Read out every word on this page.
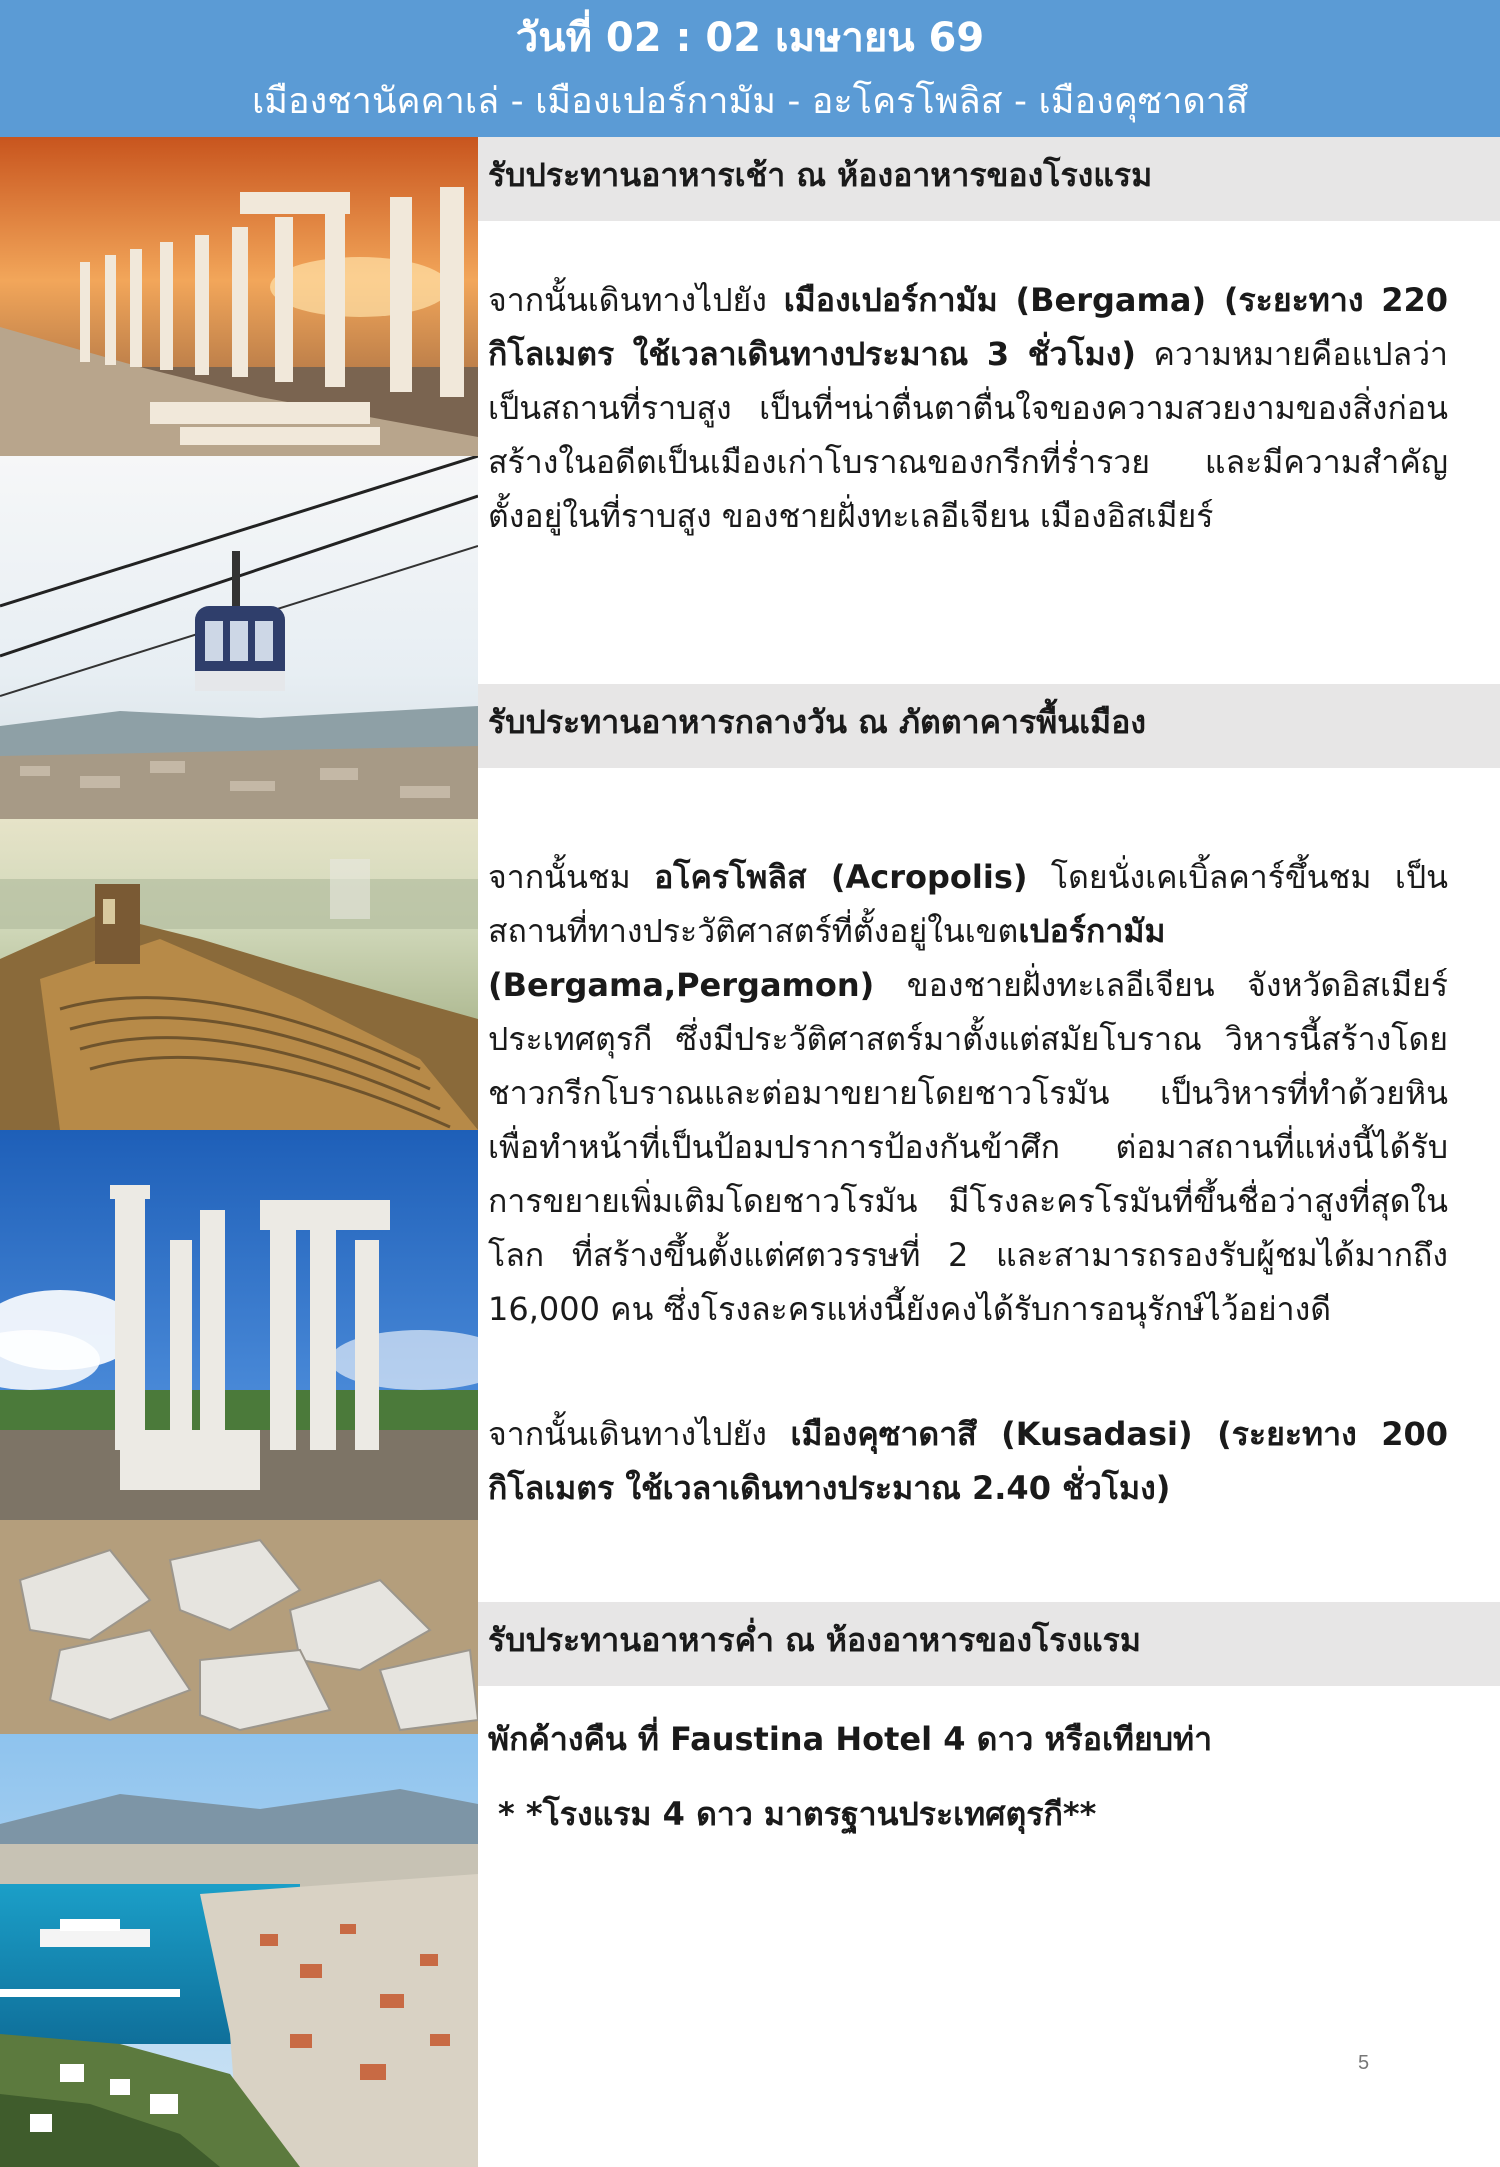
วันที่ 02 : 02 เมษายน 69
เมืองชานัคคาเล่ - เมืองเปอร์กามัม - อะโครโพลิส - เมืองคุซาดาสึ
รับประทานอาหารเช้า ณ ห้องอาหารของโรงแรม
จากนั้นเดินทางไปยัง เมืองเปอร์กามัม (Bergama) (ระยะทาง 220 กิโลเมตร ใช้เวลาเดินทางประมาณ 3 ชั่วโมง) ความหมายคือแปลว่าเป็นสถานที่ราบสูง เป็นที่ฯน่าตื่นตาตื่นใจของความสวยงามของสิ่งก่อนสร้างในอดีตเป็นเมืองเก่าโบราณของกรีกที่ร่ำรวย และมีความสำคัญ ตั้งอยู่ในที่ราบสูง ของชายฝั่งทะเลอีเจียน เมืองอิสเมียร์
รับประทานอาหารกลางวัน ณ ภัตตาคารพื้นเมือง
จากนั้นชม อโครโพลิส (Acropolis) โดยนั่งเคเบิ้ลคาร์ขึ้นชม เป็นสถานที่ทางประวัติศาสตร์ที่ตั้งอยู่ในเขตเปอร์กามัม (Bergama,Pergamon) ของชายฝั่งทะเลอีเจียน จังหวัดอิสเมียร์ ประเทศตุรกี ซึ่งมีประวัติศาสตร์มาตั้งแต่สมัยโบราณ วิหารนี้สร้างโดยชาวกรีกโบราณและต่อมาขยายโดยชาวโรมัน เป็นวิหารที่ทำด้วยหินเพื่อทำหน้าที่เป็นป้อมปราการป้องกันข้าศึก ต่อมาสถานที่แห่งนี้ได้รับการขยายเพิ่มเติมโดยชาวโรมัน มีโรงละครโรมันที่ขึ้นชื่อว่าสูงที่สุดในโลก ที่สร้างขึ้นตั้งแต่ศตวรรษที่ 2 และสามารถรองรับผู้ชมได้มากถึง 16,000 คน ซึ่งโรงละครแห่งนี้ยังคงได้รับการอนุรักษ์ไว้อย่างดี
จากนั้นเดินทางไปยัง เมืองคุซาดาสึ (Kusadasi) (ระยะทาง 200 กิโลเมตร ใช้เวลาเดินทางประมาณ 2.40 ชั่วโมง)
รับประทานอาหารค่ำ ณ ห้องอาหารของโรงแรม
พักค้างคืน ที่ Faustina Hotel 4 ดาว หรือเทียบท่า
* *โรงแรม 4 ดาว มาตรฐานประเทศตุรกี**
5
